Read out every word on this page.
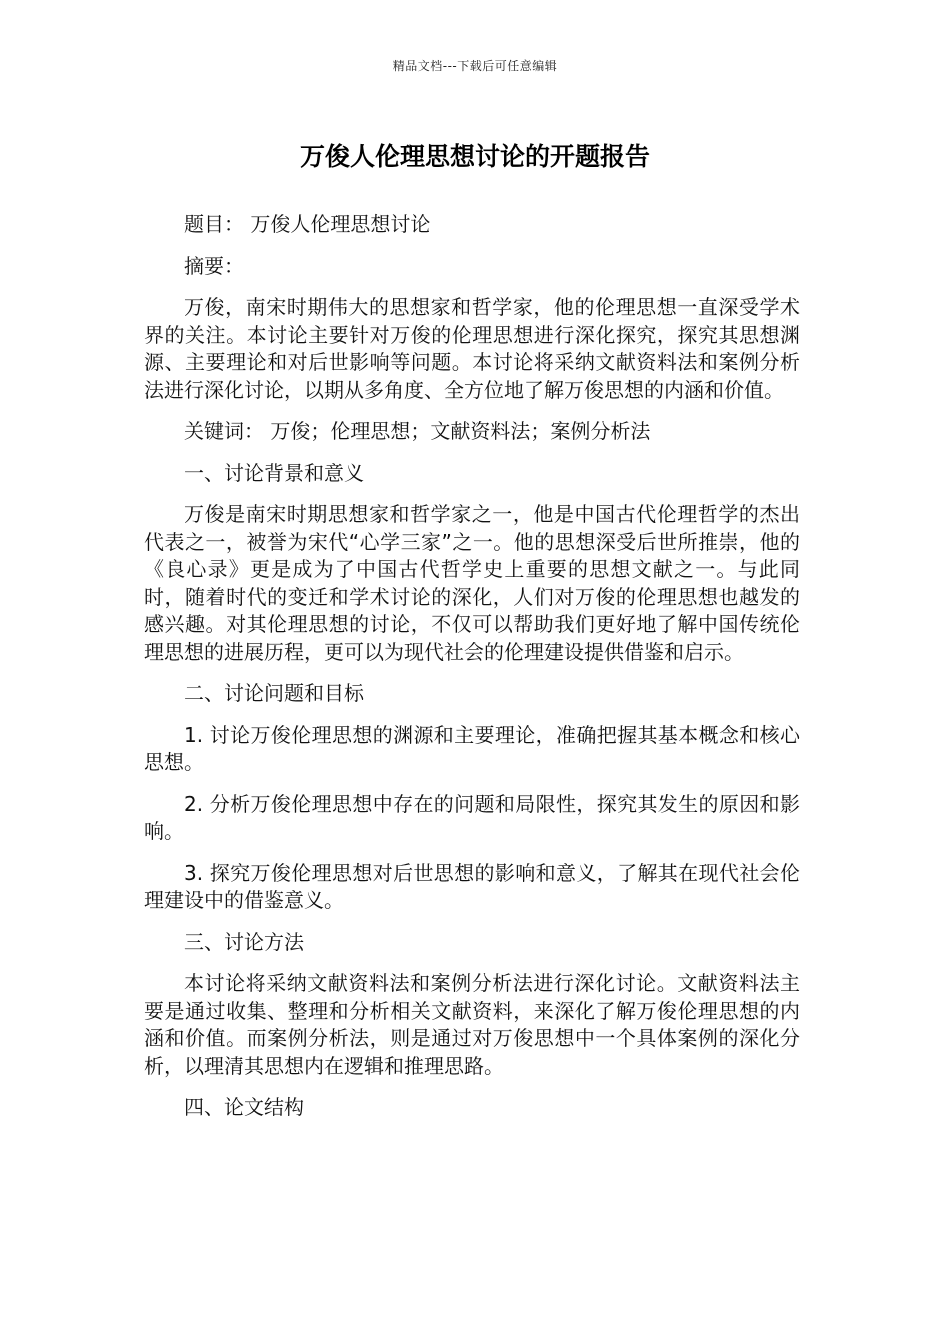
精品文档---下载后可任意编辑
万俊人伦理思想讨论的开题报告

题目： 万俊人伦理思想讨论

摘要：

万俊，南宋时期伟大的思想家和哲学家，他的伦理思想一直深受学术界的关注。本讨论主要针对万俊的伦理思想进行深化探究，探究其思想渊源、主要理论和对后世影响等问题。本讨论将采纳文献资料法和案例分析法进行深化讨论，以期从多角度、全方位地了解万俊思想的内涵和价值。

关键词： 万俊；伦理思想；文献资料法；案例分析法

一、讨论背景和意义

万俊是南宋时期思想家和哲学家之一，他是中国古代伦理哲学的杰出代表之一，被誉为宋代“心学三家”之一。他的思想深受后世所推崇，他的《良心录》更是成为了中国古代哲学史上重要的思想文献之一。与此同时，随着时代的变迁和学术讨论的深化，人们对万俊的伦理思想也越发的感兴趣。对其伦理思想的讨论，不仅可以帮助我们更好地了解中国传统伦理思想的进展历程，更可以为现代社会的伦理建设提供借鉴和启示。

二、讨论问题和目标

1. 讨论万俊伦理思想的渊源和主要理论，准确把握其基本概念和核心思想。

2. 分析万俊伦理思想中存在的问题和局限性，探究其发生的原因和影响。

3. 探究万俊伦理思想对后世思想的影响和意义，了解其在现代社会伦理建设中的借鉴意义。

三、讨论方法

本讨论将采纳文献资料法和案例分析法进行深化讨论。文献资料法主要是通过收集、整理和分析相关文献资料，来深化了解万俊伦理思想的内涵和价值。而案例分析法，则是通过对万俊思想中一个具体案例的深化分析，以理清其思想内在逻辑和推理思路。

四、论文结构
